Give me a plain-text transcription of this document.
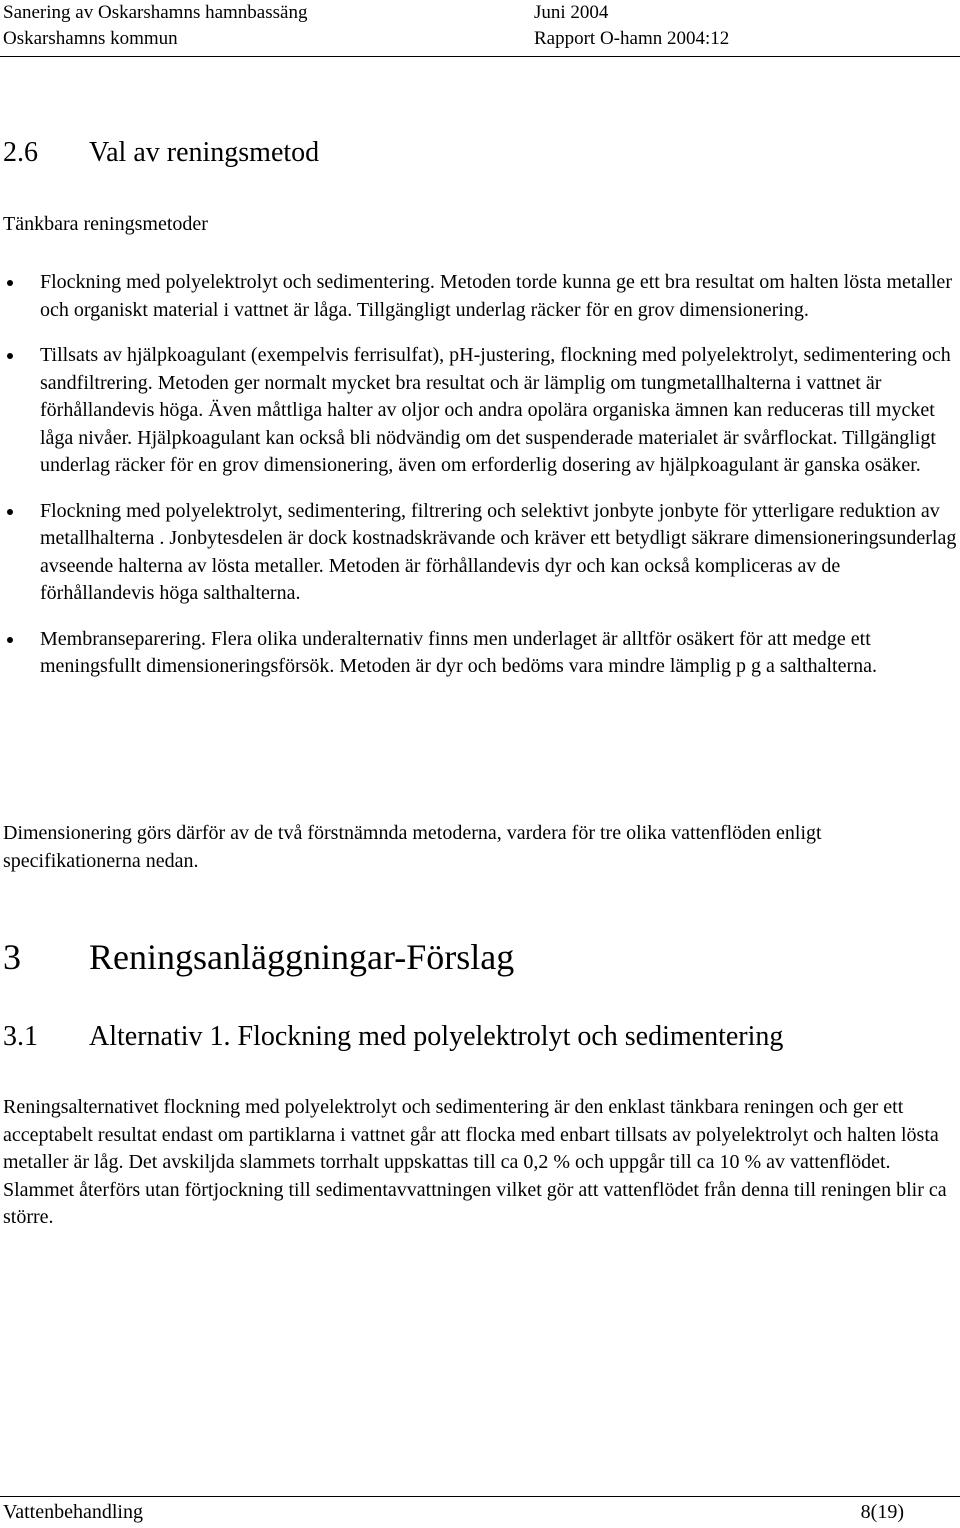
Sanering av Oskarshamns hamnbassäng	Juni 2004
Oskarshamns kommun	Rapport O-hamn 2004:12
2.6 Val av reningsmetod

Tänkbara reningsmetoder

Flockning med polyelektrolyt och sedimentering. Metoden torde kunna ge ett bra resultat om halten lösta metaller och organiskt material i vattnet är låga. Tillgängligt underlag räcker för en grov dimensionering.
Tillsats av hjälpkoagulant (exempelvis ferrisulfat), pH-justering, flockning med polyelektrolyt, sedimentering och sandfiltrering. Metoden ger normalt mycket bra resultat och är lämplig om tungmetallhalterna i vattnet är förhållandevis höga. Även måttliga halter av oljor och andra opolära organiska ämnen kan reduceras till mycket låga nivåer. Hjälpkoagulant kan också bli nödvändig om det suspenderade materialet är svårflockat. Tillgängligt underlag räcker för en grov dimensionering, även om erforderlig dosering av hjälpkoagulant är ganska osäker.
Flockning med polyelektrolyt, sedimentering, filtrering och selektivt jonbyte jonbyte för ytterligare reduktion av metallhalterna . Jonbytesdelen är dock kostnadskrävande och kräver ett betydligt säkrare dimensioneringsunderlag avseende halterna av lösta metaller. Metoden är förhållandevis dyr och kan också kompliceras av de förhållandevis höga salthalterna.
Membranseparering. Flera olika underalternativ finns men underlaget är alltför osäkert för att medge ett meningsfullt dimensioneringsförsök. Metoden är dyr och bedöms vara mindre lämplig p g a salthalterna.

Dimensionering görs därför av de två förstnämnda metoderna, vardera för tre olika vattenflöden enligt specifikationerna nedan.

3 Reningsanläggningar-Förslag
3.1 Alternativ 1. Flockning med polyelektrolyt och sedimentering

Reningsalternativet flockning med polyelektrolyt och sedimentering är den enklast tänkbara reningen och ger ett acceptabelt resultat endast om partiklarna i vattnet går att flocka med enbart tillsats av polyelektrolyt och halten lösta metaller är låg. Det avskiljda slammets torrhalt uppskattas till ca 0,2 % och uppgår till ca 10 % av vattenflödet. Slammet återförs utan förtjockning till sedimentavvattningen vilket gör att vattenflödet från denna till reningen blir ca större.

Vattenbehandling	8(19)
